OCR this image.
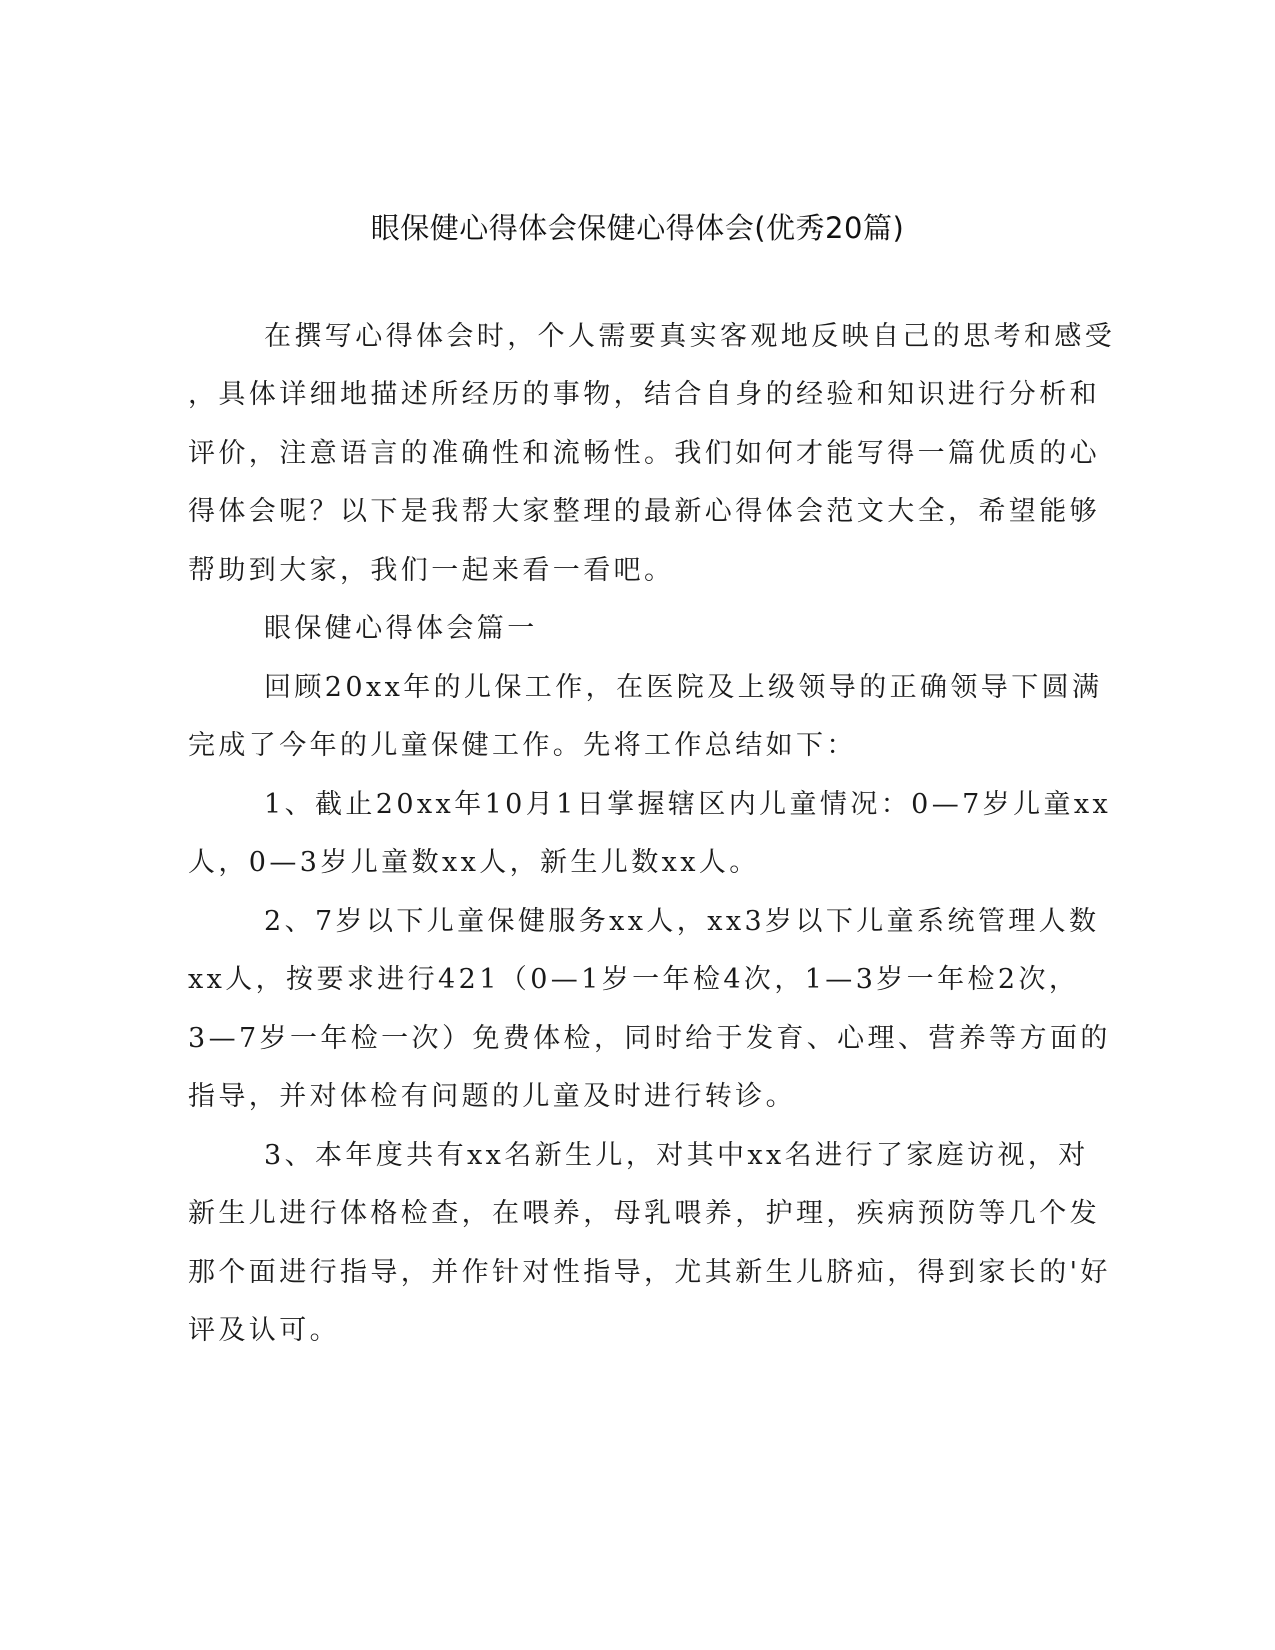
眼保健心得体会保健心得体会(优秀20篇)

在撰写心得体会时，个人需要真实客观地反映自己的思考和感受

，具体详细地描述所经历的事物，结合自身的经验和知识进行分析和

评价，注意语言的准确性和流畅性。我们如何才能写得一篇优质的心

得体会呢？以下是我帮大家整理的最新心得体会范文大全，希望能够

帮助到大家，我们一起来看一看吧。

眼保健心得体会篇一

回顾20xx年的儿保工作，在医院及上级领导的正确领导下圆满

完成了今年的儿童保健工作。先将工作总结如下：

1、截止20xx年10月1日掌握辖区内儿童情况：0—7岁儿童xx

人，0—3岁儿童数xx人，新生儿数xx人。

2、7岁以下儿童保健服务xx人，xx3岁以下儿童系统管理人数

xx人，按要求进行421（0—1岁一年检4次，1—3岁一年检2次，

3—7岁一年检一次）免费体检，同时给于发育、心理、营养等方面的

指导，并对体检有问题的儿童及时进行转诊。

3、本年度共有xx名新生儿，对其中xx名进行了家庭访视，对

新生儿进行体格检查，在喂养，母乳喂养，护理，疾病预防等几个发

那个面进行指导，并作针对性指导，尤其新生儿脐疝，得到家长的'好

评及认可。
